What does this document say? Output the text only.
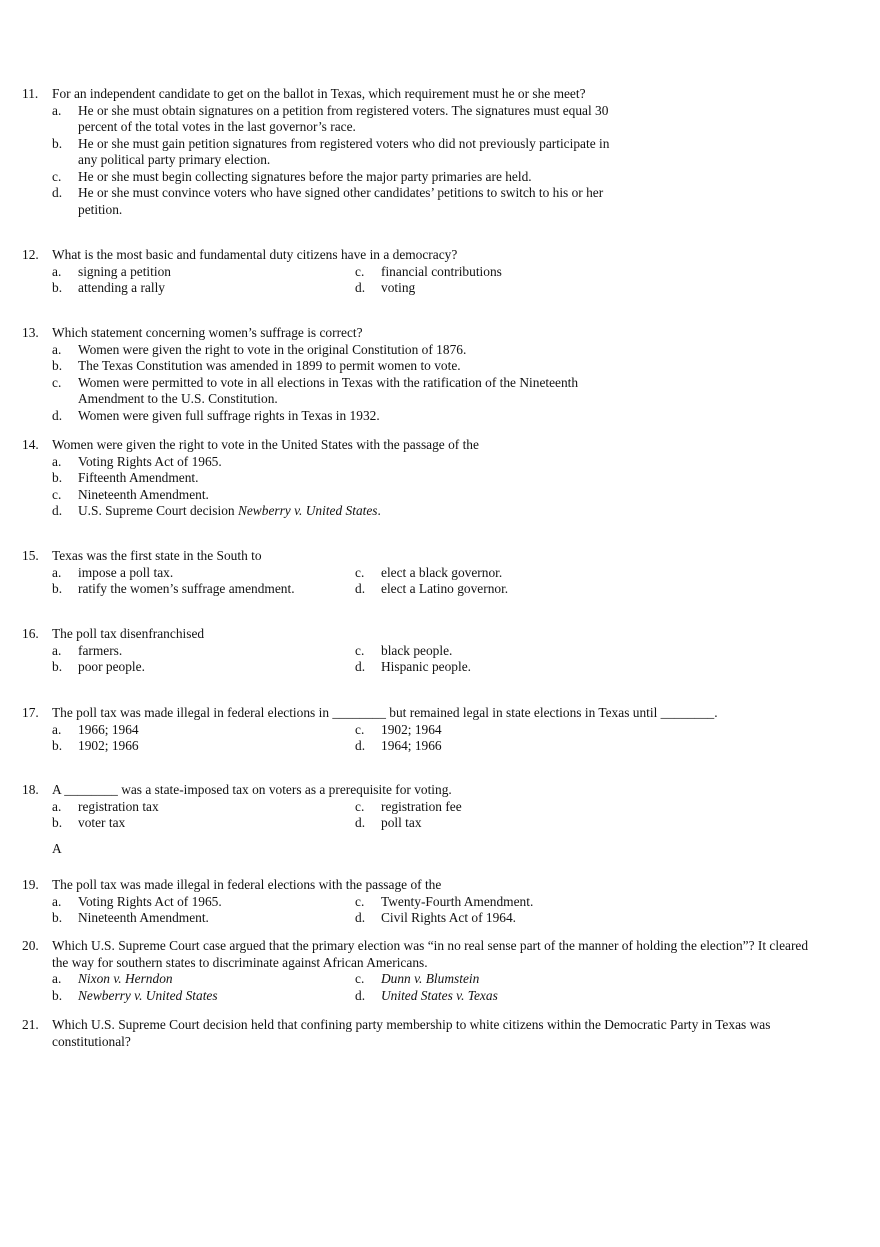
11.	For an independent candidate to get on the ballot in Texas, which requirement must he or she meet?
a.	He or she must obtain signatures on a petition from registered voters. The signatures must equal 30
percent of the total votes in the last governor’s race.
b.	He or she must gain petition signatures from registered voters who did not previously participate in
any political party primary election.
c.	He or she must begin collecting signatures before the major party primaries are held.
d.	He or she must convince voters who have signed other candidates’ petitions to switch to his or her
petition.
12. What is the most basic and fundamental duty citizens have in a democracy?
a.	signing a petition	c.	financial contributions
b.	attending a rally	d.	voting
13. Which statement concerning women’s suffrage is correct?
a.	Women were given the right to vote in the original Constitution of 1876.
b.	The Texas Constitution was amended in 1899 to permit women to vote.
c.	Women were permitted to vote in all elections in Texas with the ratification of the Nineteenth
Amendment to the U.S. Constitution.
d.	Women were given full suffrage rights in Texas in 1932.
14. Women were given the right to vote in the United States with the passage of the
a.	Voting Rights Act of 1965.
b.	Fifteenth Amendment.
c.	Nineteenth Amendment.
d.	U.S. Supreme Court decision Newberry v. United States.
15. Texas was the first state in the South to
a.	impose a poll tax.	c.	elect a black governor.
b.	ratify the women’s suffrage amendment.	d.	elect a Latino governor.
16. The poll tax disenfranchised
a.	farmers.	c.	black people.
b.	poor people.	d.	Hispanic people.
17. The poll tax was made illegal in federal elections in ________ but remained legal in state elections in Texas until ________.
a.	1966; 1964	c.	1902; 1964
b.	1902; 1966	d.	1964; 1966
18. A ________ was a state-imposed tax on voters as a prerequisite for voting.
a.	registration tax	c.	registration fee
b.	voter tax	d.	poll tax
A
19. The poll tax was made illegal in federal elections with the passage of the
a.	Voting Rights Act of 1965.	c.	Twenty-Fourth Amendment.
b.	Nineteenth Amendment.	d.	Civil Rights Act of 1964.
20. Which U.S. Supreme Court case argued that the primary election was “in no real sense part of the manner of holding the election”? It cleared the way for southern states to discriminate against African Americans.
a.	Nixon v. Herndon	c.	Dunn v. Blumstein
b.	Newberry v. United States	d.	United States v. Texas
21. Which U.S. Supreme Court decision held that confining party membership to white citizens within the Democratic Party in Texas was constitutional?
